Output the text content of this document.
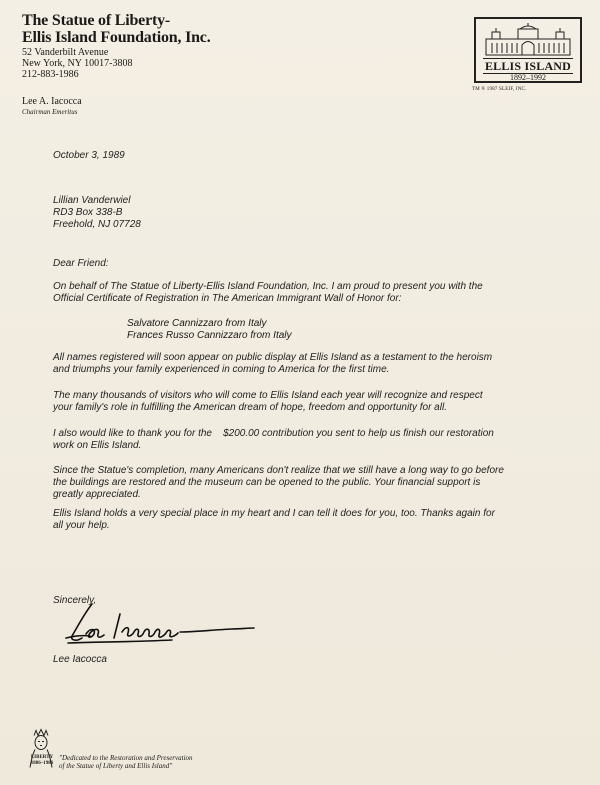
The Statue of Liberty-
Ellis Island Foundation, Inc.
52 Vanderbilt Avenue
New York, NY 10017-3808
212-883-1986
Lee A. Iacocca
Chairman Emeritus
ELLIS ISLAND
1892–1992
TM ® 1987 SLEIF, INC.
October 3, 1989
Lillian Vanderwiel
RD3 Box 338-B
Freehold, NJ 07728
Dear Friend:
On behalf of The Statue of Liberty-Ellis Island Foundation, Inc. I am proud to present you with the
Official Certificate of Registration in The American Immigrant Wall of Honor for:
Salvatore Cannizzaro from Italy
Frances Russo Cannizzaro from Italy
All names registered will soon appear on public display at Ellis Island as a testament to the heroism
and triumphs your family experienced in coming to America for the first time.
The many thousands of visitors who will come to Ellis Island each year will recognize and respect
your family's role in fulfilling the American dream of hope, freedom and opportunity for all.
I also would like to thank you for the    $200.00 contribution you sent to help us finish our restoration
work on Ellis Island.
Since the Statue's completion, many Americans don't realize that we still have a long way to go before
the buildings are restored and the museum can be opened to the public. Your financial support is
greatly appreciated.
Ellis Island holds a very special place in my heart and I can tell it does for you, too. Thanks again for
all your help.
Sincerely,
Lee Iacocca
LIBERTY
1886–1986
"Dedicated to the Restoration and Preservation
of the Statue of Liberty and Ellis Island"
